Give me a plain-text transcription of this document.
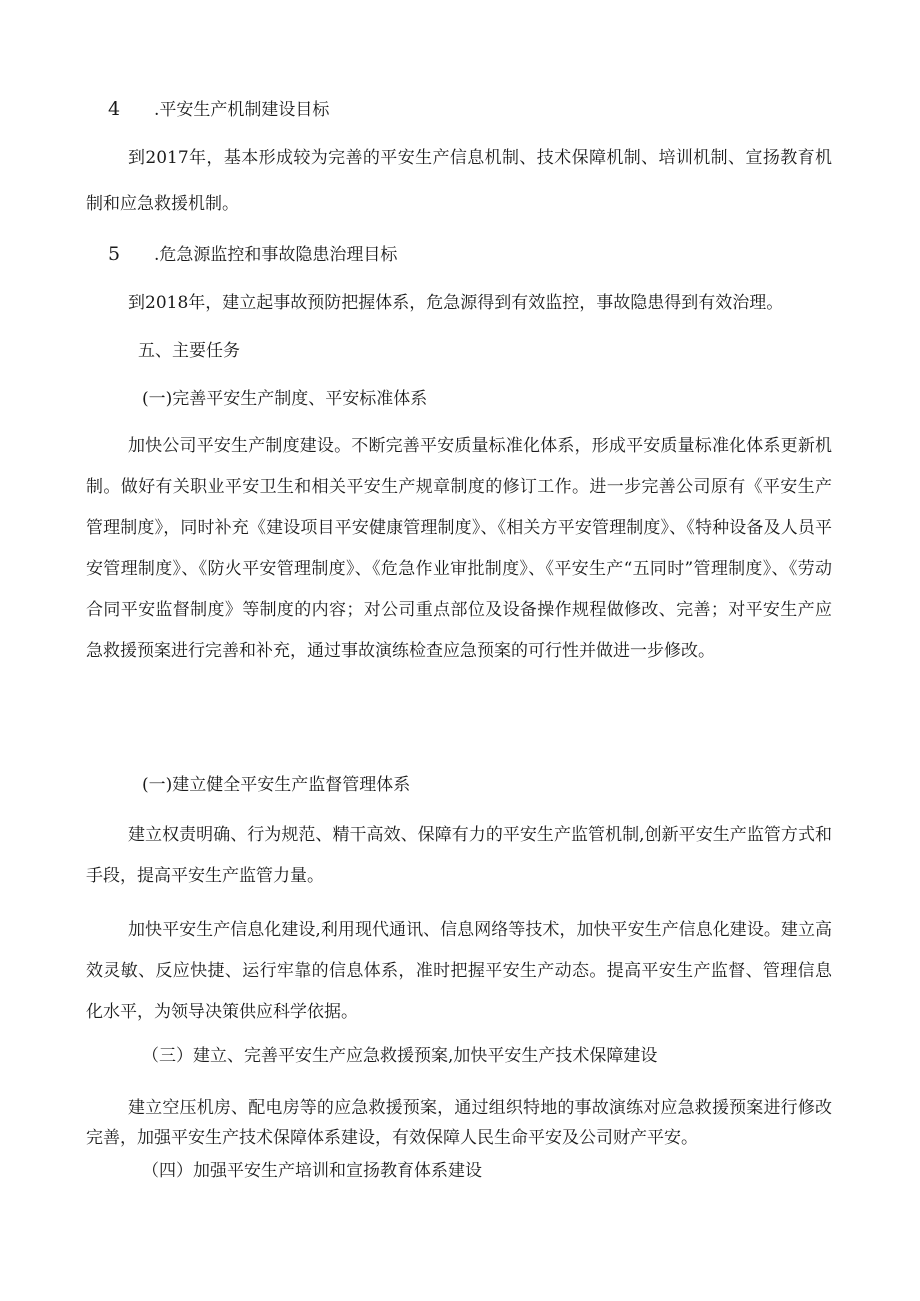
4 .平安生产机制建设目标
到2017年，基本形成较为完善的平安生产信息机制、技术保障机制、培训机制、宣扬教育机制和应急救援机制。
5 .危急源监控和事故隐患治理目标
到2018年，建立起事故预防把握体系，危急源得到有效监控，事故隐患得到有效治理。
五、主要任务
(一)完善平安生产制度、平安标准体系
加快公司平安生产制度建设。不断完善平安质量标准化体系，形成平安质量标准化体系更新机制。做好有关职业平安卫生和相关平安生产规章制度的修订工作。进一步完善公司原有《平安生产管理制度》，同时补充《建设项目平安健康管理制度》、《相关方平安管理制度》、《特种设备及人员平安管理制度》、《防火平安管理制度》、《危急作业审批制度》、《平安生产“五同时”管理制度》、《劳动合同平安监督制度》等制度的内容；对公司重点部位及设备操作规程做修改、完善；对平安生产应急救援预案进行完善和补充，通过事故演练检查应急预案的可行性并做进一步修改。
(一)建立健全平安生产监督管理体系
建立权责明确、行为规范、精干高效、保障有力的平安生产监管机制,创新平安生产监管方式和手段，提高平安生产监管力量。
加快平安生产信息化建设,利用现代通讯、信息网络等技术，加快平安生产信息化建设。建立高效灵敏、反应快捷、运行牢靠的信息体系，准时把握平安生产动态。提高平安生产监督、管理信息化水平，为领导决策供应科学依据。
（三）建立、完善平安生产应急救援预案,加快平安生产技术保障建设
建立空压机房、配电房等的应急救援预案，通过组织特地的事故演练对应急救援预案进行修改完善，加强平安生产技术保障体系建设，有效保障人民生命平安及公司财产平安。
（四）加强平安生产培训和宣扬教育体系建设
